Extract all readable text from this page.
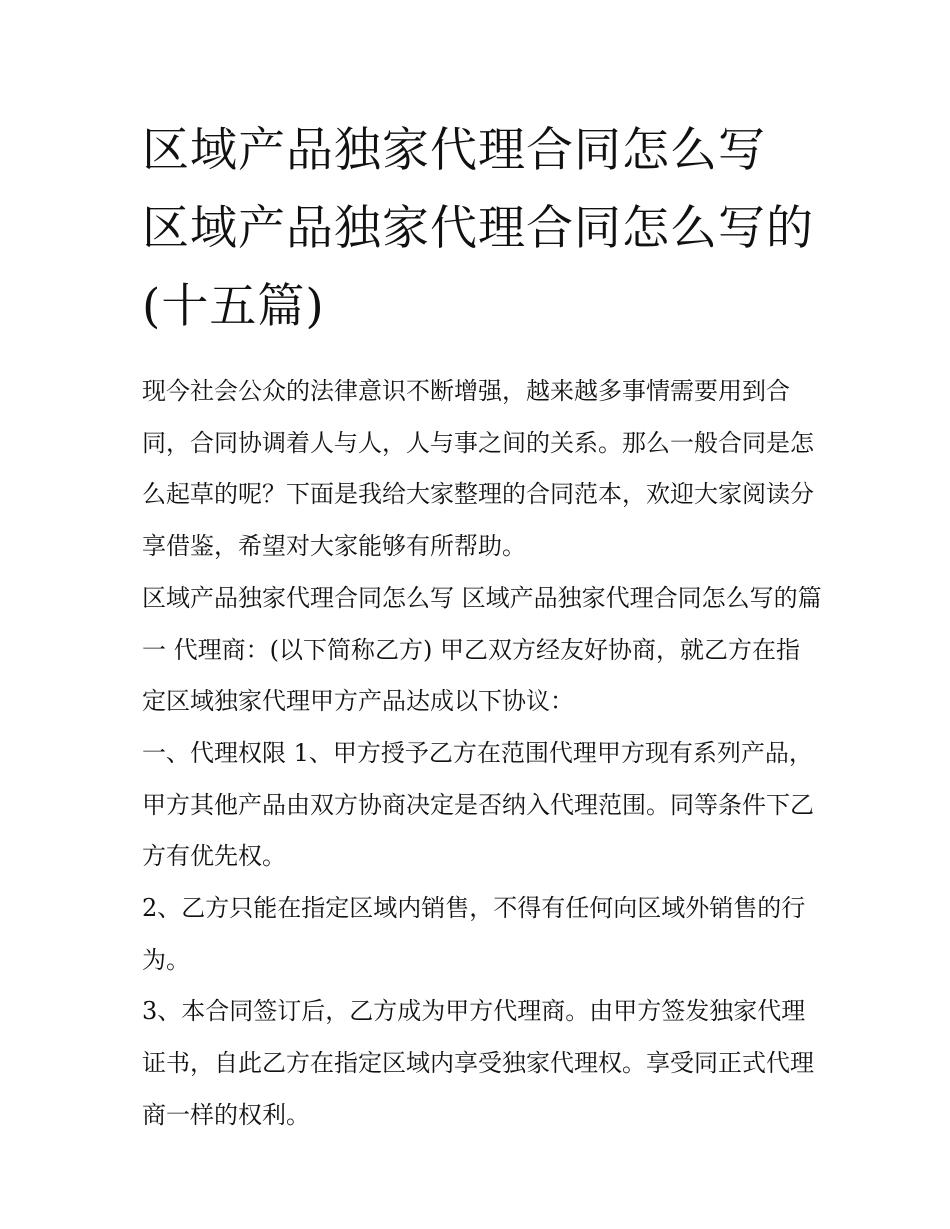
区域产品独家代理合同怎么写 区域产品独家代理合同怎么写的(十五篇)

现今社会公众的法律意识不断增强，越来越多事情需要用到合同，合同协调着人与人，人与事之间的关系。那么一般合同是怎么起草的呢？下面是我给大家整理的合同范本，欢迎大家阅读分享借鉴，希望对大家能够有所帮助。

区域产品独家代理合同怎么写 区域产品独家代理合同怎么写的篇一 代理商：(以下简称乙方) 甲乙双方经友好协商，就乙方在指定区域独家代理甲方产品达成以下协议：

一、代理权限 1、甲方授予乙方在范围代理甲方现有系列产品，甲方其他产品由双方协商决定是否纳入代理范围。同等条件下乙方有优先权。

2、乙方只能在指定区域内销售，不得有任何向区域外销售的行为。

3、本合同签订后，乙方成为甲方代理商。由甲方签发独家代理证书，自此乙方在指定区域内享受独家代理权。享受同正式代理商一样的权利。
